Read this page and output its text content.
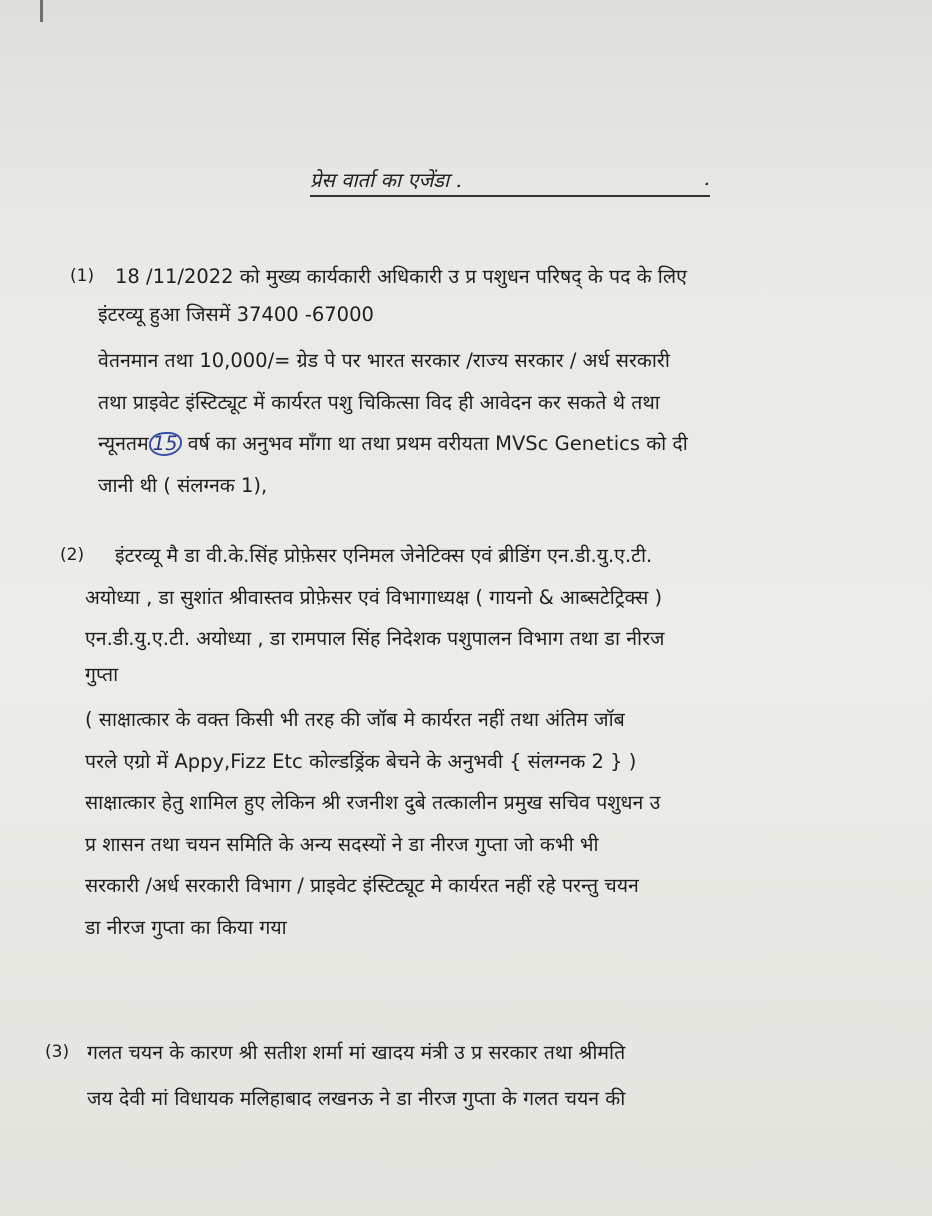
प्रेस वार्ता का एजेंडा .	.
(1) 18 /11/2022 को मुख्य कार्यकारी अधिकारी उ प्र पशुधन परिषद् के पद के लिए
इंटरव्यू हुआ जिसमें 37400 -67000
वेतनमान तथा 10,000/= ग्रेड पे पर भारत सरकार /राज्य सरकार / अर्ध सरकारी
तथा प्राइवेट इंस्टिट्यूट में कार्यरत पशु चिकित्सा विद ही आवेदन कर सकते थे तथा
न्यूनतम 15 वर्ष का अनुभव माँगा था तथा प्रथम वरीयता MVSc Genetics को दी
जानी थी ( संलग्नक 1),
(2) इंटरव्यू मै डा वी.के.सिंह प्रोफ़ेसर एनिमल जेनेटिक्स एवं ब्रीडिंग एन.डी.यु.ए.टी.
अयोध्या , डा सुशांत श्रीवास्तव प्रोफ़ेसर एवं विभागाध्यक्ष ( गायनो & आब्सटेट्रिक्स )
एन.डी.यु.ए.टी. अयोध्या , डा रामपाल सिंह निदेशक पशुपालन विभाग तथा डा नीरज
गुप्ता
( साक्षात्कार के वक्त किसी भी तरह की जॉब मे कार्यरत नहीं तथा अंतिम जॉब
परले एग्रो में Appy,Fizz Etc कोल्डड्रिंक बेचने के अनुभवी { संलग्नक 2 } )
साक्षात्कार हेतु शामिल हुए लेकिन श्री रजनीश दुबे तत्कालीन प्रमुख सचिव पशुधन उ
प्र शासन तथा चयन समिति के अन्य सदस्यों ने डा नीरज गुप्ता जो कभी भी
सरकारी /अर्ध सरकारी विभाग / प्राइवेट इंस्टिट्यूट मे कार्यरत नहीं रहे परन्तु चयन
डा नीरज गुप्ता का किया गया
(3) गलत चयन के कारण श्री सतीश शर्मा मां खादय मंत्री उ प्र सरकार तथा श्रीमति
जय देवी मां विधायक मलिहाबाद लखनऊ ने डा नीरज गुप्ता के गलत चयन की
